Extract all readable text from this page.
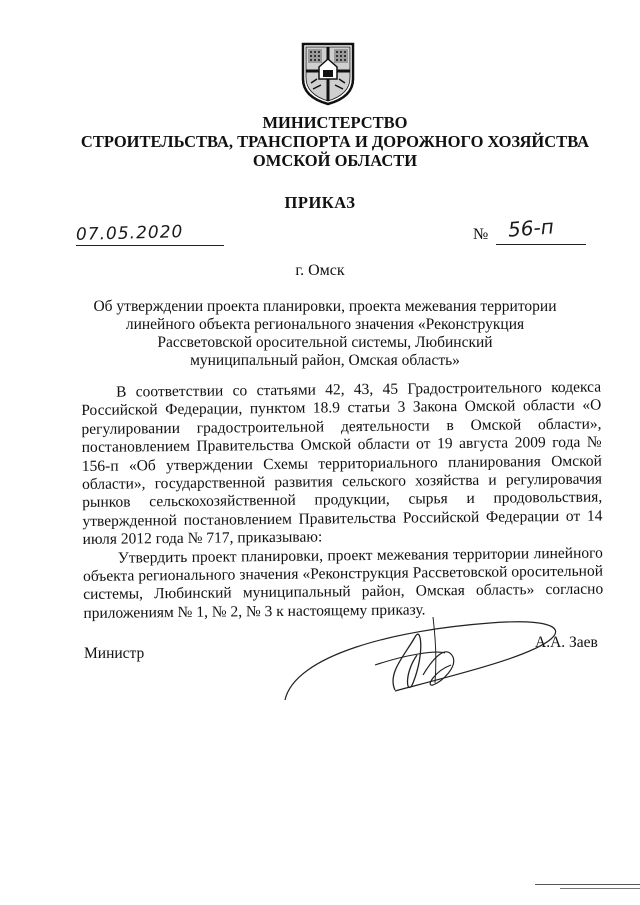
МИНИСТЕРСТВО
СТРОИТЕЛЬСТВА, ТРАНСПОРТА И ДОРОЖНОГО ХОЗЯЙСТВА
ОМСКОЙ ОБЛАСТИ
ПРИКАЗ
07.05.2020	№ 56-п
г. Омск
Об утверждении проекта планировки, проекта межевания территории
линейного объекта регионального значения «Реконструкция
Рассветовской оросительной системы, Любинский
муниципальный район, Омская область»

В соответствии со статьями 42, 43, 45 Градостроительного кодекса Российской Федерации, пунктом 18.9 статьи 3 Закона Омской области «О регулировании градостроительной деятельности в Омской области», постановлением Правительства Омской области от 19 августа 2009 года № 156-п «Об утверждении Схемы территориального планирования Омской области», государственной развития сельского хозяйства и регулировачия рынков сельскохозяйственной продукции, сырья и продовольствия, утвержденной постановлением Правительства Российской Федерации от 14 июля 2012 года № 717, приказываю:

Утвердить проект планировки, проект межевания территории линейного объекта регионального значения «Реконструкция Рассветовской оросительной системы, Любинский муниципальный район, Омская область» согласно приложениям № 1, № 2, № 3 к настоящему приказу.

Министр
А.А. Заев
